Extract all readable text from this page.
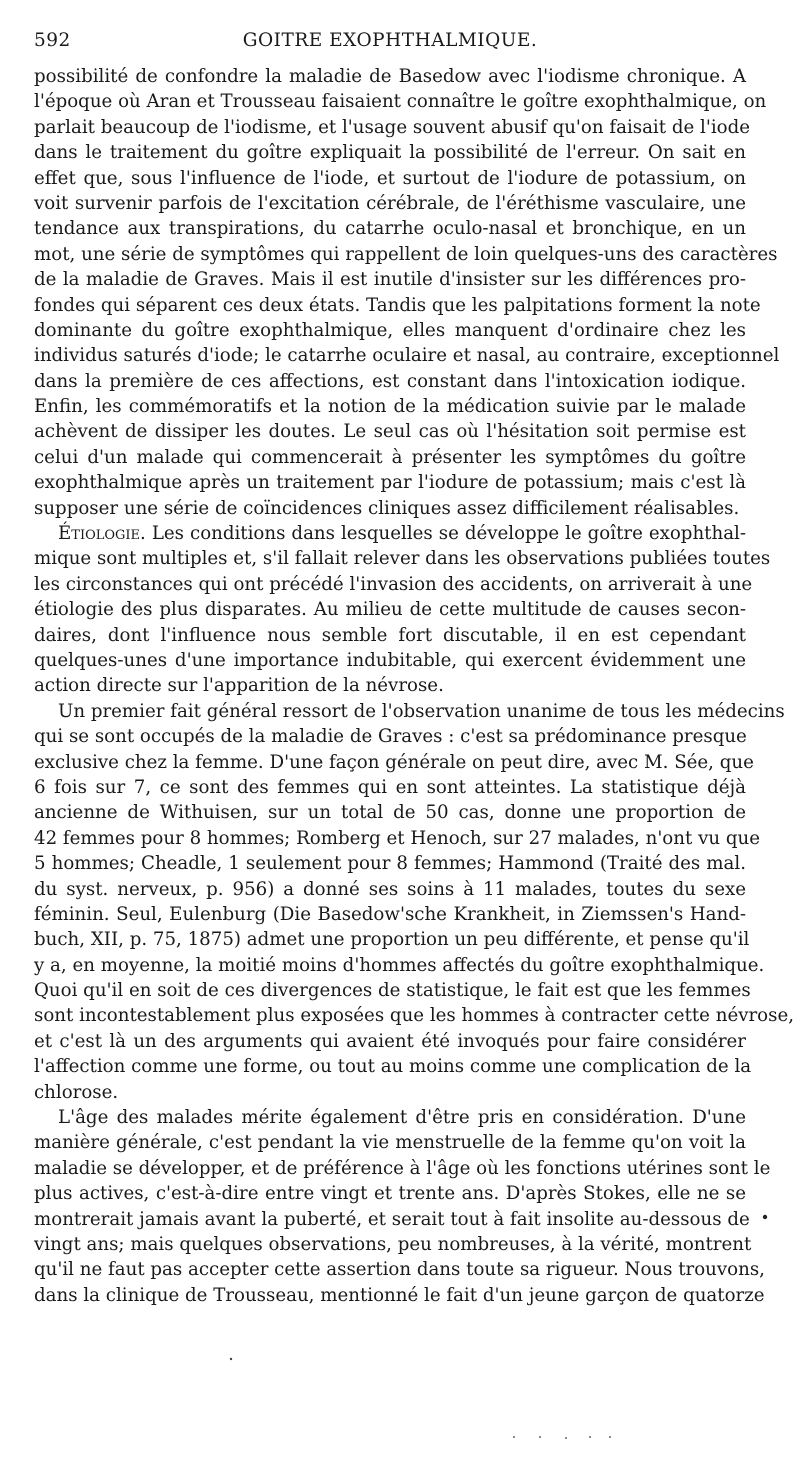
592	GOITRE EXOPHTHALMIQUE.
possibilité de confondre la maladie de Basedow avec l'iodisme chronique. A
l'époque où Aran et Trousseau faisaient connaître le goître exophthalmique, on
parlait beaucoup de l'iodisme, et l'usage souvent abusif qu'on faisait de l'iode
dans le traitement du goître expliquait la possibilité de l'erreur. On sait en
effet que, sous l'influence de l'iode, et surtout de l'iodure de potassium, on
voit survenir parfois de l'excitation cérébrale, de l'éréthisme vasculaire, une
tendance aux transpirations, du catarrhe oculo-nasal et bronchique, en un
mot, une série de symptômes qui rappellent de loin quelques-uns des caractères
de la maladie de Graves. Mais il est inutile d'insister sur les différences pro-
fondes qui séparent ces deux états. Tandis que les palpitations forment la note
dominante du goître exophthalmique, elles manquent d'ordinaire chez les
individus saturés d'iode; le catarrhe oculaire et nasal, au contraire, exceptionnel
dans la première de ces affections, est constant dans l'intoxication iodique.
Enfin, les commémoratifs et la notion de la médication suivie par le malade
achèvent de dissiper les doutes. Le seul cas où l'hésitation soit permise est
celui d'un malade qui commencerait à présenter les symptômes du goître
exophthalmique après un traitement par l'iodure de potassium; mais c'est là
supposer une série de coïncidences cliniques assez difficilement réalisables.
Étiologie. Les conditions dans lesquelles se développe le goître exophthal-
mique sont multiples et, s'il fallait relever dans les observations publiées toutes
les circonstances qui ont précédé l'invasion des accidents, on arriverait à une
étiologie des plus disparates. Au milieu de cette multitude de causes secon-
daires, dont l'influence nous semble fort discutable, il en est cependant
quelques-unes d'une importance indubitable, qui exercent évidemment une
action directe sur l'apparition de la névrose.
Un premier fait général ressort de l'observation unanime de tous les médecins
qui se sont occupés de la maladie de Graves : c'est sa prédominance presque
exclusive chez la femme. D'une façon générale on peut dire, avec M. Sée, que
6 fois sur 7, ce sont des femmes qui en sont atteintes. La statistique déjà
ancienne de Withuisen, sur un total de 50 cas, donne une proportion de
42 femmes pour 8 hommes; Romberg et Henoch, sur 27 malades, n'ont vu que
5 hommes; Cheadle, 1 seulement pour 8 femmes; Hammond (Traité des mal.
du syst. nerveux, p. 956) a donné ses soins à 11 malades, toutes du sexe
féminin. Seul, Eulenburg (Die Basedow'sche Krankheit, in Ziemssen's Hand-
buch, XII, p. 75, 1875) admet une proportion un peu différente, et pense qu'il
y a, en moyenne, la moitié moins d'hommes affectés du goître exophthalmique.
Quoi qu'il en soit de ces divergences de statistique, le fait est que les femmes
sont incontestablement plus exposées que les hommes à contracter cette névrose,
et c'est là un des arguments qui avaient été invoqués pour faire considérer
l'affection comme une forme, ou tout au moins comme une complication de la
chlorose.
L'âge des malades mérite également d'être pris en considération. D'une
manière générale, c'est pendant la vie menstruelle de la femme qu'on voit la
maladie se développer, et de préférence à l'âge où les fonctions utérines sont le
plus actives, c'est-à-dire entre vingt et trente ans. D'après Stokes, elle ne se
montrerait jamais avant la puberté, et serait tout à fait insolite au-dessous de
vingt ans; mais quelques observations, peu nombreuses, à la vérité, montrent
qu'il ne faut pas accepter cette assertion dans toute sa rigueur. Nous trouvons,
dans la clinique de Trousseau, mentionné le fait d'un jeune garçon de quatorze
